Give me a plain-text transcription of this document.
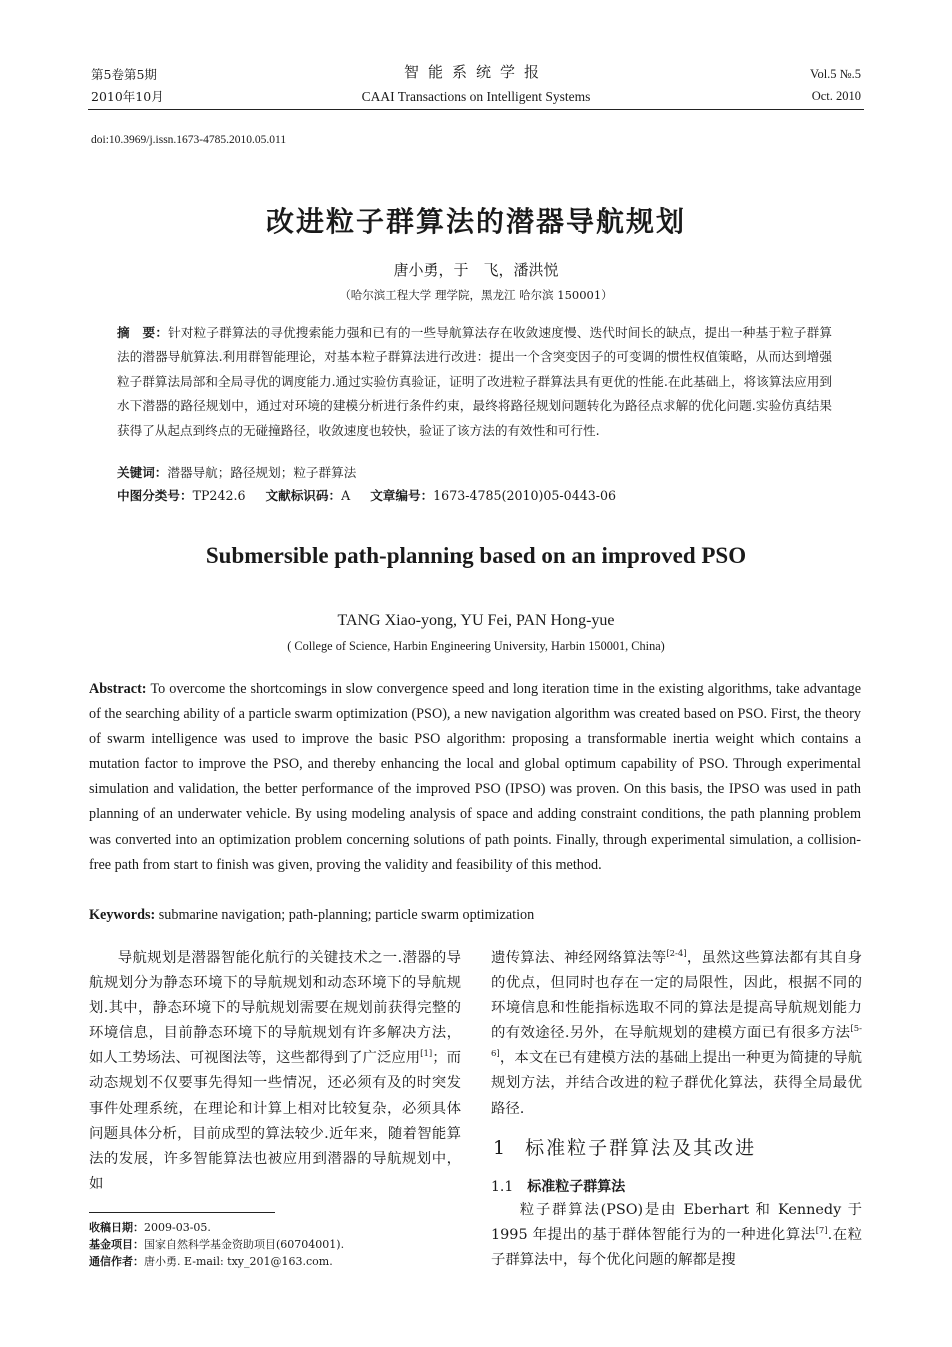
第5卷第5期
2010年10月
智能系统学报
CAAI Transactions on Intelligent Systems
Vol.5 №.5
Oct. 2010
doi:10.3969/j.issn.1673-4785.2010.05.011
改进粒子群算法的潜器导航规划
唐小勇，于　飞，潘洪悦
（哈尔滨工程大学 理学院，黑龙江 哈尔滨 150001）
摘　要：针对粒子群算法的寻优搜索能力强和已有的一些导航算法存在收敛速度慢、迭代时间长的缺点，提出一种基于粒子群算法的潜器导航算法.利用群智能理论，对基本粒子群算法进行改进：提出一个含突变因子的可变调的惯性权值策略，从而达到增强粒子群算法局部和全局寻优的调度能力.通过实验仿真验证，证明了改进粒子群算法具有更优的性能.在此基础上，将该算法应用到水下潜器的路径规划中，通过对环境的建模分析进行条件约束，最终将路径规划问题转化为路径点求解的优化问题.实验仿真结果获得了从起点到终点的无碰撞路径，收敛速度也较快，验证了该方法的有效性和可行性.
关键词：潜器导航；路径规划；粒子群算法
中图分类号：TP242.6 文献标识码：A 文章编号：1673-4785(2010)05-0443-06
Submersible path-planning based on an improved PSO
TANG Xiao-yong, YU Fei, PAN Hong-yue
( College of Science, Harbin Engineering University, Harbin 150001, China)
Abstract: To overcome the shortcomings in slow convergence speed and long iteration time in the existing algorithms, take advantage of the searching ability of a particle swarm optimization (PSO), a new navigation algorithm was created based on PSO. First, the theory of swarm intelligence was used to improve the basic PSO algorithm: proposing a transformable inertia weight which contains a mutation factor to improve the PSO, and thereby enhancing the local and global optimum capability of PSO. Through experimental simulation and validation, the better performance of the improved PSO (IPSO) was proven. On this basis, the IPSO was used in path planning of an underwater vehicle. By using modeling analysis of space and adding constraint conditions, the path planning problem was converted into an optimization problem concerning solutions of path points. Finally, through experimental simulation, a collision-free path from start to finish was given, proving the validity and feasibility of this method.
Keywords: submarine navigation; path-planning; particle swarm optimization
导航规划是潜器智能化航行的关键技术之一.潜器的导航规划分为静态环境下的导航规划和动态环境下的导航规划.其中，静态环境下的导航规划需要在规划前获得完整的环境信息，目前静态环境下的导航规划有许多解决方法，如人工势场法、可视图法等，这些都得到了广泛应用[1]；而动态规划不仅要事先得知一些情况，还必须有及的时突发事件处理系统，在理论和计算上相对比较复杂，必须具体问题具体分析，目前成型的算法较少.近年来，随着智能算法的发展，许多智能算法也被应用到潜器的导航规划中，如
收稿日期：2009-03-05.
基金项目：国家自然科学基金资助项目(60704001).
通信作者：唐小勇. E-mail: txy_201@163.com.
遗传算法、神经网络算法等[2-4]，虽然这些算法都有其自身的优点，但同时也存在一定的局限性，因此，根据不同的环境信息和性能指标选取不同的算法是提高导航规划能力的有效途径.另外，在导航规划的建模方面已有很多方法[5-6]，本文在已有建模方法的基础上提出一种更为简捷的导航规划方法，并结合改进的粒子群优化算法，获得全局最优路径.
1 标准粒子群算法及其改进
1.1 标准粒子群算法
粒子群算法(PSO)是由 Eberhart 和 Kennedy 于 1995 年提出的基于群体智能行为的一种进化算法[7].在粒子群算法中，每个优化问题的解都是搜
